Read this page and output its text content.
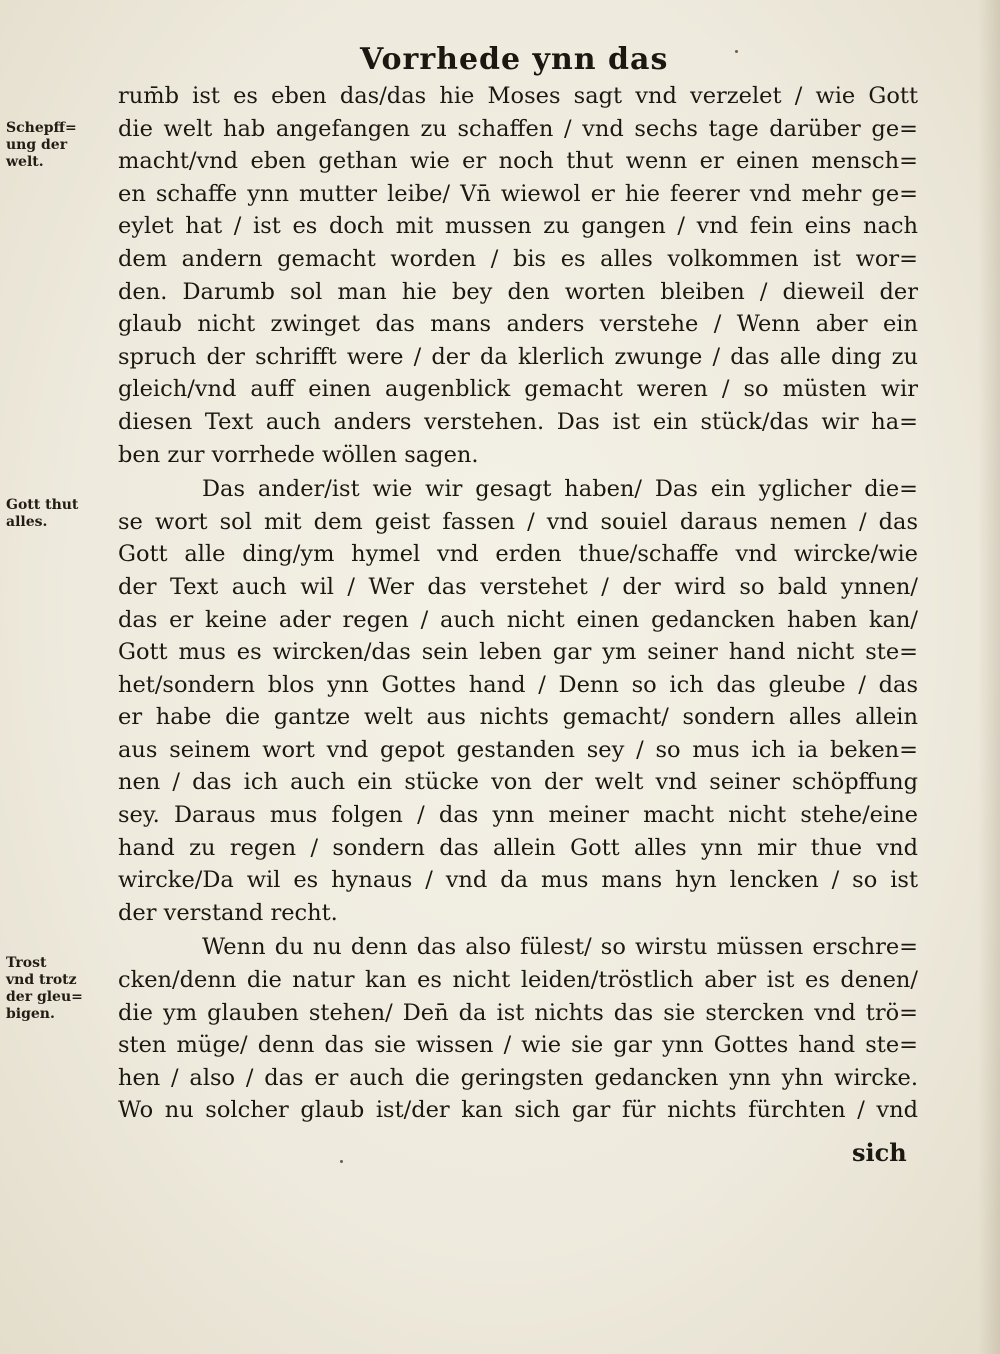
Vorrhede ynn das
Schepff=
ung der
welt.
Gott thut
alles.
Trost
vnd trotz
der gleu=
bigen.
rum̄b ist es eben das/das hie Moses sagt vnd verzelet / wie Gott
die welt hab angefangen zu schaffen / vnd sechs tage darüber ge=
macht/vnd eben gethan wie er noch thut wenn er einen mensch=
en schaffe ynn mutter leibe/ Vn̄ wiewol er hie feerer vnd mehr ge=
eylet hat / ist es doch mit mussen zu gangen / vnd fein eins nach
dem andern gemacht worden / bis es alles volkommen ist wor=
den. Darumb sol man hie bey den worten bleiben / dieweil der
glaub nicht zwinget das mans anders verstehe / Wenn aber ein
spruch der schrifft were / der da klerlich zwunge / das alle ding zu
gleich/vnd auff einen augenblick gemacht weren / so müsten wir
diesen Text auch anders verstehen. Das ist ein stück/das wir ha=
ben zur vorrhede wöllen sagen.
Das ander/ist wie wir gesagt haben/ Das ein yglicher die=
se wort sol mit dem geist fassen / vnd souiel daraus nemen / das
Gott alle ding/ym hymel vnd erden thue/schaffe vnd wircke/wie
der Text auch wil / Wer das verstehet / der wird so bald ynnen/
das er keine ader regen / auch nicht einen gedancken haben kan/
Gott mus es wircken/das sein leben gar ym seiner hand nicht ste=
het/sondern blos ynn Gottes hand / Denn so ich das gleube / das
er habe die gantze welt aus nichts gemacht/ sondern alles allein
aus seinem wort vnd gepot gestanden sey / so mus ich ia beken=
nen / das ich auch ein stücke von der welt vnd seiner schöpffung
sey. Daraus mus folgen / das ynn meiner macht nicht stehe/eine
hand zu regen / sondern das allein Gott alles ynn mir thue vnd
wircke/Da wil es hynaus / vnd da mus mans hyn lencken / so ist
der verstand recht.
Wenn du nu denn das also fülest/ so wirstu müssen erschre=
cken/denn die natur kan es nicht leiden/tröstlich aber ist es denen/
die ym glauben stehen/ Den̄ da ist nichts das sie stercken vnd trö=
sten müge/ denn das sie wissen / wie sie gar ynn Gottes hand ste=
hen / also / das er auch die geringsten gedancken ynn yhn wircke.
Wo nu solcher glaub ist/der kan sich gar für nichts fürchten / vnd
sich
